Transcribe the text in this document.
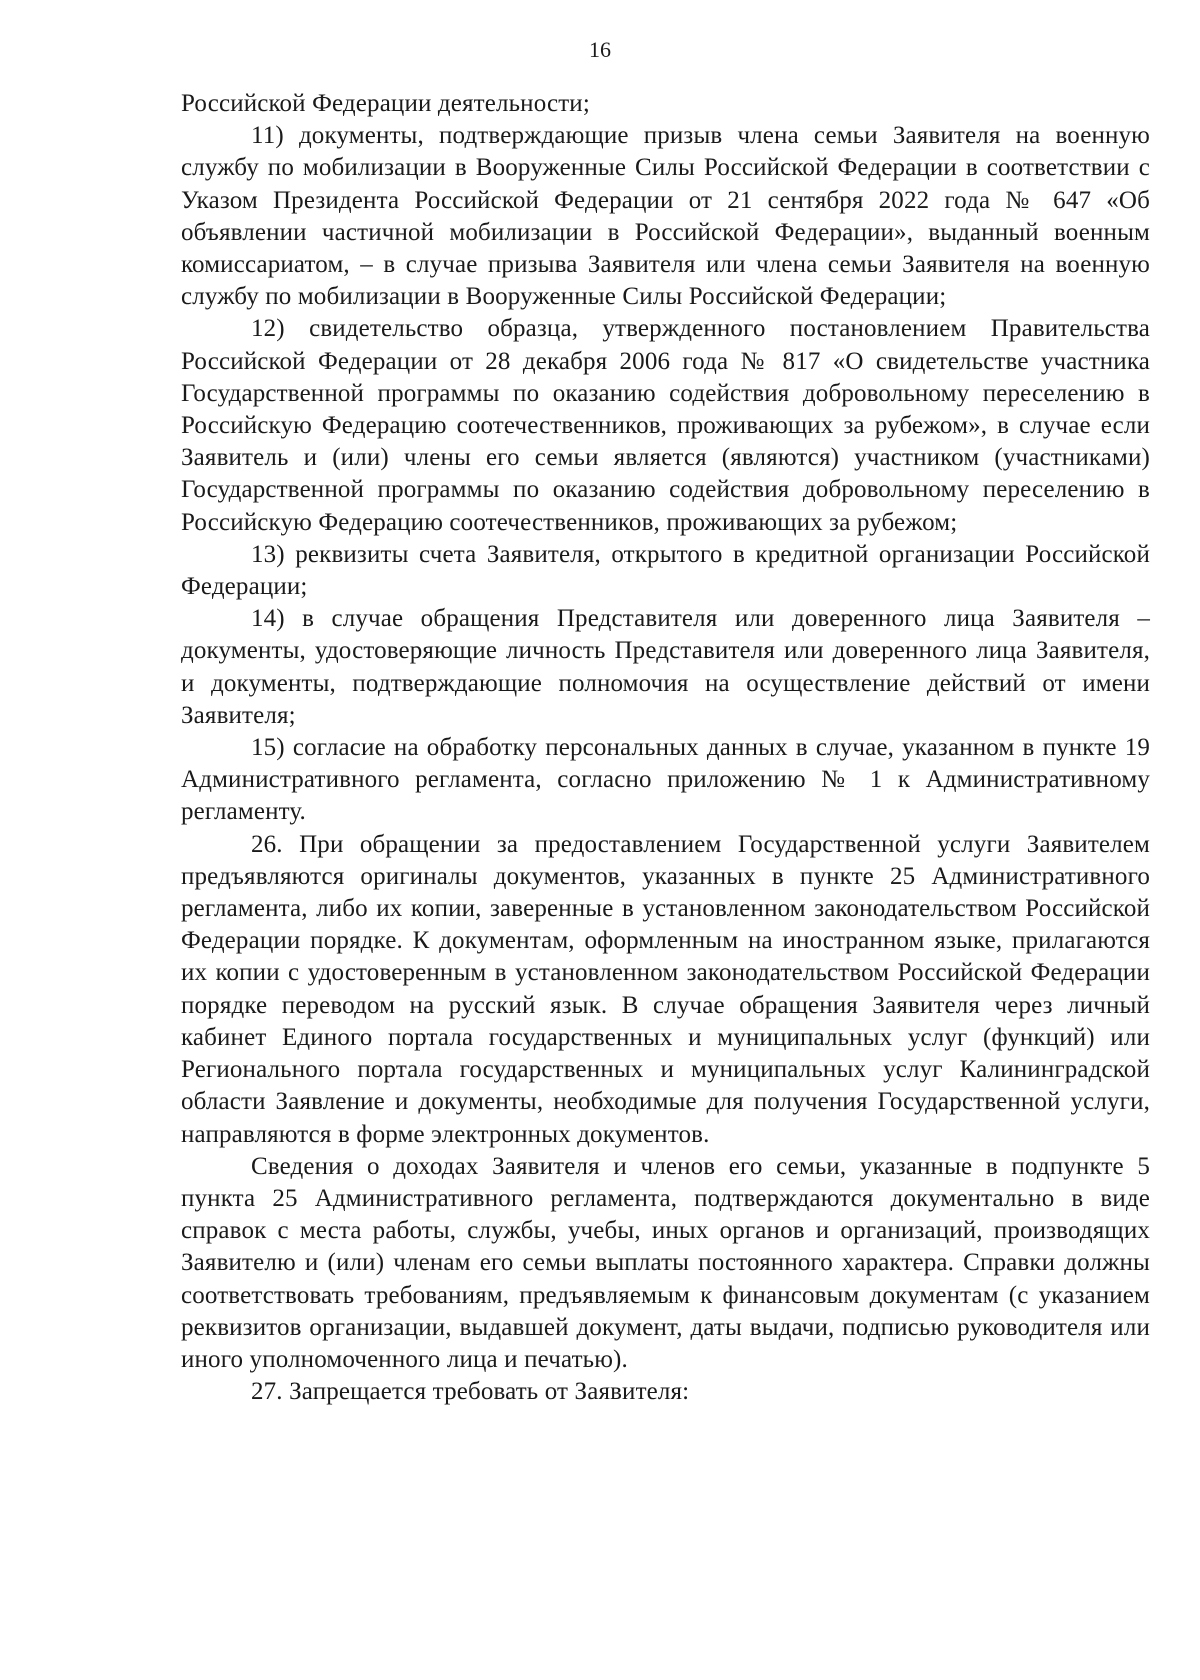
16

Российской Федерации деятельности;

11) документы, подтверждающие призыв члена семьи Заявителя на военную службу по мобилизации в Вооруженные Силы Российской Федерации в соответствии с Указом Президента Российской Федерации от 21 сентября 2022 года № 647 «Об объявлении частичной мобилизации в Российской Федерации», выданный военным комиссариатом, – в случае призыва Заявителя или члена семьи Заявителя на военную службу по мобилизации в Вооруженные Силы Российской Федерации;

12) свидетельство образца, утвержденного постановлением Правительства Российской Федерации от 28 декабря 2006 года № 817 «О свидетельстве участника Государственной программы по оказанию содействия добровольному переселению в Российскую Федерацию соотечественников, проживающих за рубежом», в случае если Заявитель и (или) члены его семьи является (являются) участником (участниками) Государственной программы по оказанию содействия добровольному переселению в Российскую Федерацию соотечественников, проживающих за рубежом;

13) реквизиты счета Заявителя, открытого в кредитной организации Российской Федерации;

14) в случае обращения Представителя или доверенного лица Заявителя – документы, удостоверяющие личность Представителя или доверенного лица Заявителя, и документы, подтверждающие полномочия на осуществление действий от имени Заявителя;

15) согласие на обработку персональных данных в случае, указанном в пункте 19 Административного регламента, согласно приложению № 1 к Административному регламенту.

26. При обращении за предоставлением Государственной услуги Заявителем предъявляются оригиналы документов, указанных в пункте 25 Административного регламента, либо их копии, заверенные в установленном законодательством Российской Федерации порядке. К документам, оформленным на иностранном языке, прилагаются их копии с удостоверенным в установленном законодательством Российской Федерации порядке переводом на русский язык. В случае обращения Заявителя через личный кабинет Единого портала государственных и муниципальных услуг (функций) или Регионального портала государственных и муниципальных услуг Калининградской области Заявление и документы, необходимые для получения Государственной услуги, направляются в форме электронных документов.

Сведения о доходах Заявителя и членов его семьи, указанные в подпункте 5 пункта 25 Административного регламента, подтверждаются документально в виде справок с места работы, службы, учебы, иных органов и организаций, производящих Заявителю и (или) членам его семьи выплаты постоянного характера. Справки должны соответствовать требованиям, предъявляемым к финансовым документам (с указанием реквизитов организации, выдавшей документ, даты выдачи, подписью руководителя или иного уполномоченного лица и печатью).

27. Запрещается требовать от Заявителя:
